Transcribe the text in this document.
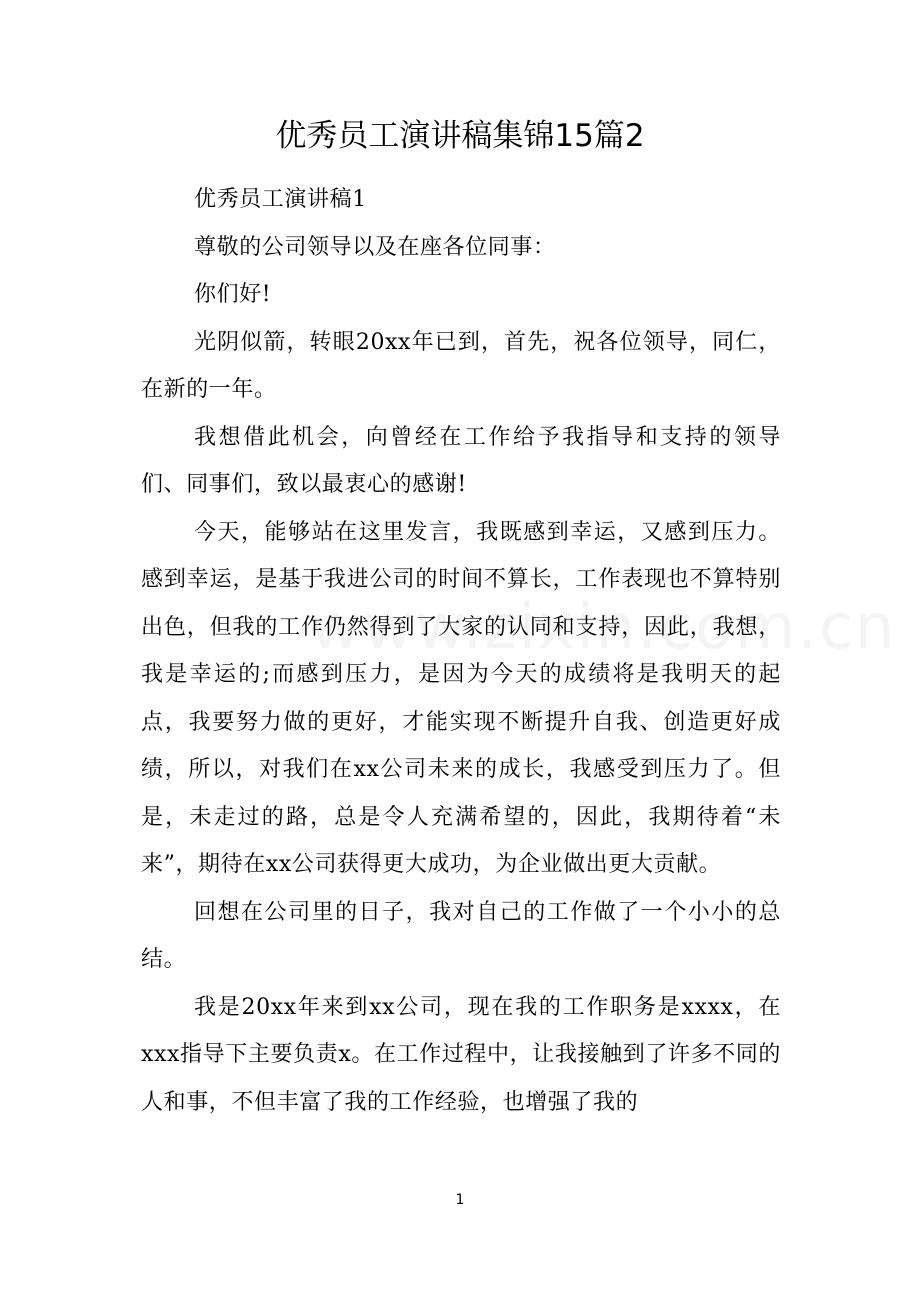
优秀员工演讲稿集锦15篇2

优秀员工演讲稿1

尊敬的公司领导以及在座各位同事：

你们好!

光阴似箭，转眼20xx年已到，首先，祝各位领导，同仁，在新的一年。

我想借此机会，向曾经在工作给予我指导和支持的领导们、同事们，致以最衷心的感谢!

今天，能够站在这里发言，我既感到幸运，又感到压力。感到幸运，是基于我进公司的时间不算长，工作表现也不算特别出色，但我的工作仍然得到了大家的认同和支持，因此，我想，我是幸运的;而感到压力，是因为今天的成绩将是我明天的起点，我要努力做的更好，才能实现不断提升自我、创造更好成绩，所以，对我们在xx公司未来的成长，我感受到压力了。但是，未走过的路，总是令人充满希望的，因此，我期待着“未来”，期待在xx公司获得更大成功，为企业做出更大贡献。

回想在公司里的日子，我对自己的工作做了一个小小的总结。

我是20xx年来到xx公司，现在我的工作职务是xxxx，在xxx指导下主要负责x。在工作过程中，让我接触到了许多不同的人和事，不但丰富了我的工作经验，也增强了我的

1
